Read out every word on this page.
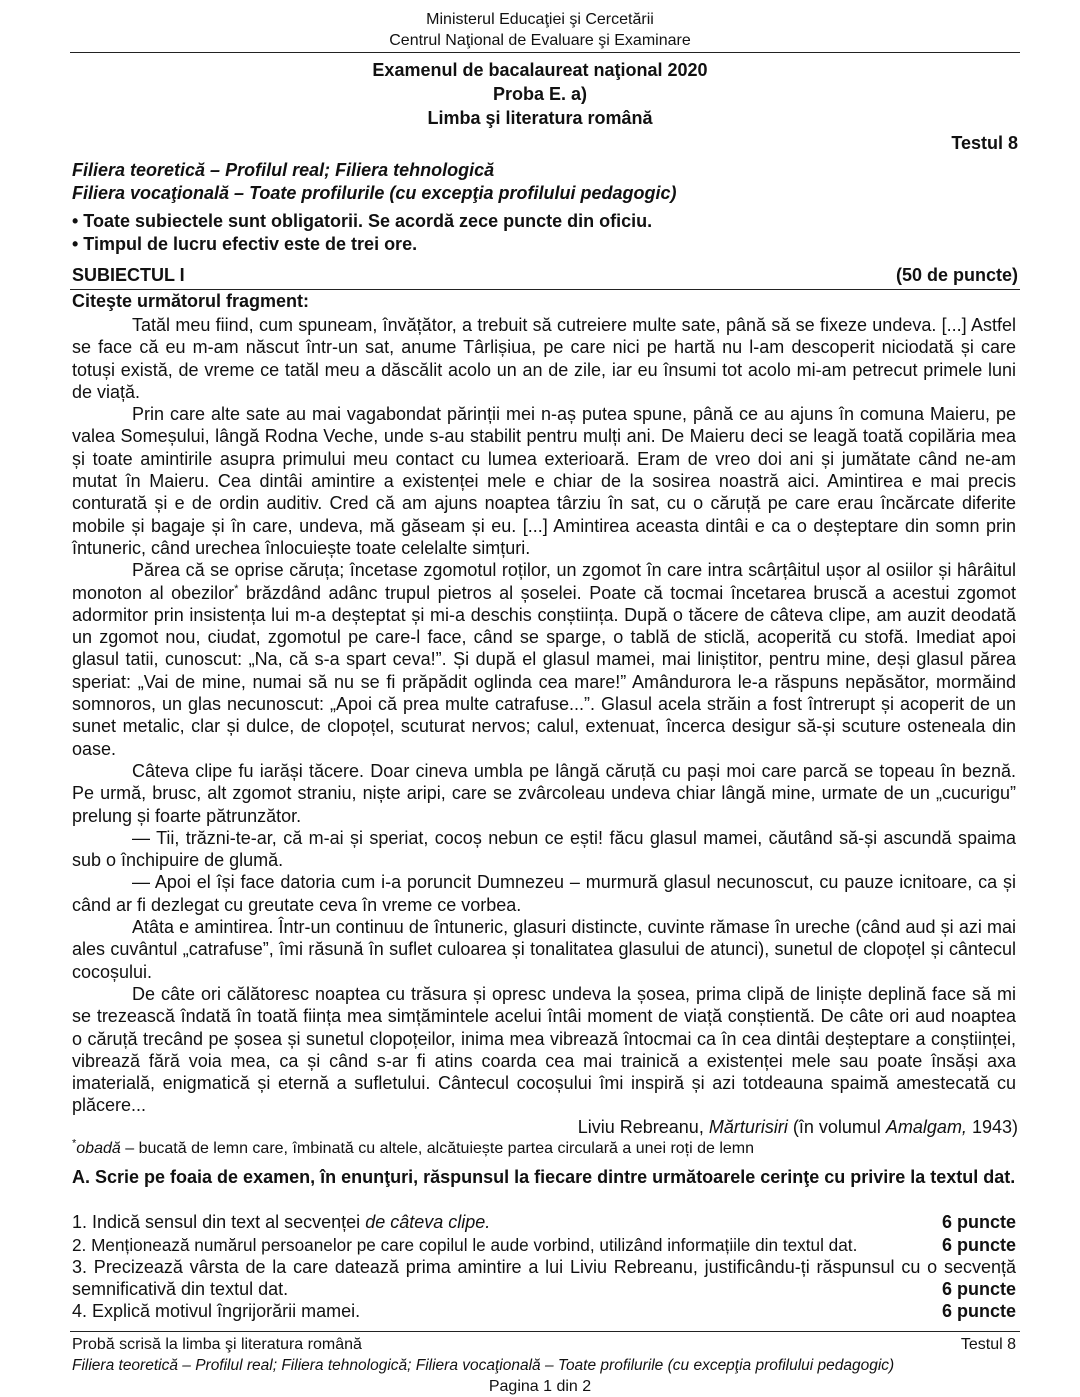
Ministerul Educaţiei şi Cercetării
Centrul Naţional de Evaluare şi Examinare
Examenul de bacalaureat naţional 2020
Proba E. a)
Limba şi literatura română
Testul 8
Filiera teoretică – Profilul real; Filiera tehnologică
Filiera vocaţională – Toate profilurile (cu excepţia profilului pedagogic)
• Toate subiectele sunt obligatorii. Se acordă zece puncte din oficiu.
• Timpul de lucru efectiv este de trei ore.
SUBIECTUL I	(50 de puncte)
Citeşte următorul fragment:

Tatăl meu fiind, cum spuneam, învățător, a trebuit să cutreiere multe sate, până să se fixeze undeva. [...] Astfel se face că eu m-am născut într-un sat, anume Târlișiua, pe care nici pe hartă nu l-am descoperit niciodată și care totuși există, de vreme ce tatăl meu a dăscălit acolo un an de zile, iar eu însumi tot acolo mi-am petrecut primele luni de viață.

Prin care alte sate au mai vagabondat părinții mei n-aș putea spune, până ce au ajuns în comuna Maieru, pe valea Someșului, lângă Rodna Veche, unde s-au stabilit pentru mulți ani. De Maieru deci se leagă toată copilăria mea și toate amintirile asupra primului meu contact cu lumea exterioară. Eram de vreo doi ani și jumătate când ne-am mutat în Maieru. Cea dintâi amintire a existenței mele e chiar de la sosirea noastră aici. Amintirea e mai precis conturată și e de ordin auditiv. Cred că am ajuns noaptea târziu în sat, cu o căruță pe care erau încărcate diferite mobile și bagaje și în care, undeva, mă găseam și eu. [...] Amintirea aceasta dintâi e ca o deșteptare din somn prin întuneric, când urechea înlocuiește toate celelalte simțuri.

Părea că se oprise căruța; încetase zgomotul roților, un zgomot în care intra scârțâitul ușor al osiilor și hârâitul monoton al obezilor* brăzdând adânc trupul pietros al șoselei. Poate că tocmai încetarea bruscă a acestui zgomot adormitor prin insistența lui m-a deșteptat și mi-a deschis conștiința. După o tăcere de câteva clipe, am auzit deodată un zgomot nou, ciudat, zgomotul pe care-l face, când se sparge, o tablă de sticlă, acoperită cu stofă. Imediat apoi glasul tatii, cunoscut: „Na, că s-a spart ceva!”. Și după el glasul mamei, mai liniștitor, pentru mine, deși glasul părea speriat: „Vai de mine, numai să nu se fi prăpădit oglinda cea mare!” Amândurora le-a răspuns nepăsător, mormăind somnoros, un glas necunoscut: „Apoi că prea multe catrafuse...”. Glasul acela străin a fost întrerupt și acoperit de un sunet metalic, clar și dulce, de clopoțel, scuturat nervos; calul, extenuat, încerca desigur să-și scuture osteneala din oase.

Câteva clipe fu iarăși tăcere. Doar cineva umbla pe lângă căruță cu pași moi care parcă se topeau în beznă. Pe urmă, brusc, alt zgomot straniu, niște aripi, care se zvârcoleau undeva chiar lângă mine, urmate de un „cucurigu” prelung și foarte pătrunzător.

— Tii, trăzni-te-ar, că m-ai și speriat, cocoș nebun ce ești! făcu glasul mamei, căutând să-și ascundă spaima sub o închipuire de glumă.

— Apoi el își face datoria cum i-a poruncit Dumnezeu – murmură glasul necunoscut, cu pauze icnitoare, ca și când ar fi dezlegat cu greutate ceva în vreme ce vorbea.

Atâta e amintirea. Într-un continuu de întuneric, glasuri distincte, cuvinte rămase în ureche (când aud și azi mai ales cuvântul „catrafuse”, îmi răsună în suflet culoarea și tonalitatea glasului de atunci), sunetul de clopoțel și cântecul cocoșului.

De câte ori călătoresc noaptea cu trăsura și opresc undeva la șosea, prima clipă de liniște deplină face să mi se trezească îndată în toată ființa mea simțămintele acelui întâi moment de viață conștientă. De câte ori aud noaptea o căruță trecând pe șosea și sunetul clopoțeilor, inima mea vibrează întocmai ca în cea dintâi deșteptare a conștiinței, vibrează fără voia mea, ca și când s-ar fi atins coarda cea mai trainică a existenței mele sau poate însăși axa imaterială, enigmatică și eternă a sufletului. Cântecul cocoșului îmi inspiră și azi totdeauna spaimă amestecată cu plăcere...

Liviu Rebreanu, Mărturisiri (în volumul Amalgam, 1943)
*obadă – bucată de lemn care, îmbinată cu altele, alcătuiește partea circulară a unei roți de lemn
A. Scrie pe foaia de examen, în enunţuri, răspunsul la fiecare dintre următoarele cerinţe cu privire la textul dat.
1. Indică sensul din text al secvenței de câteva clipe.	6 puncte
2. Menționează numărul persoanelor pe care copilul le aude vorbind, utilizând informațiile din textul dat.	6 puncte
3. Precizează vârsta de la care datează prima amintire a lui Liviu Rebreanu, justificându-ți răspunsul cu o secvență semnificativă din textul dat.	6 puncte
4. Explică motivul îngrijorării mamei.	6 puncte
Probă scrisă la limba şi literatura română	Testul 8
Filiera teoretică – Profilul real; Filiera tehnologică; Filiera vocaţională – Toate profilurile (cu excepţia profilului pedagogic)
Pagina 1 din 2
